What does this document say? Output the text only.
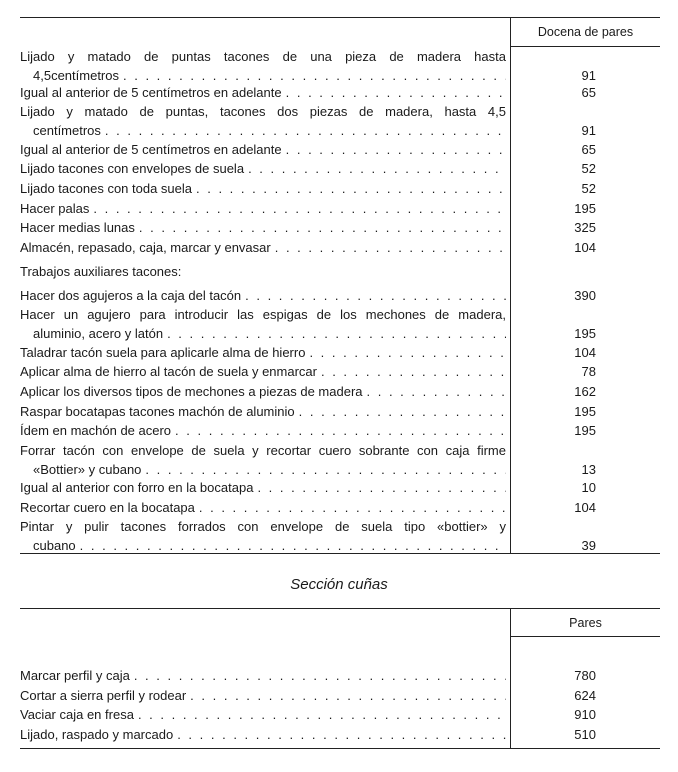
Docena de pares
Lijado y matado de puntas tacones de una pieza de madera hasta
4,5centímetros . . .	91
Igual al anterior de 5 centímetros en adelante . . .	65
Lijado y matado de puntas, tacones dos piezas de madera, hasta 4,5
centímetros . . .	91
Igual al anterior de 5 centímetros en adelante . . .	65
Lijado tacones con envelopes de suela . . .	52
Lijado tacones con toda suela . . .	52
Hacer palas . . .	195
Hacer medias lunas . . .	325
Almacén, repasado, caja, marcar y envasar . . .	104
Trabajos auxiliares tacones:
Hacer dos agujeros a la caja del tacón . . .	390
Hacer un agujero para introducir las espigas de los mechones de madera,
aluminio, acero y latón . . .	195
Taladrar tacón suela para aplicarle alma de hierro . . .	104
Aplicar alma de hierro al tacón de suela y enmarcar . . .	78
Aplicar los diversos tipos de mechones a piezas de madera . . .	162
Raspar bocatapas tacones machón de aluminio . . .	195
Ídem en machón de acero . . .	195
Forrar tacón con envelope de suela y recortar cuero sobrante con caja firme
«Bottier» y cubano . . .	13
Igual al anterior con forro en la bocatapa . . .	10
Recortar cuero en la bocatapa . . .	104
Pintar y pulir tacones forrados con envelope de suela tipo «bottier» y
cubano . . .	39
Sección cuñas
Pares
Marcar perfil y caja . . .	780
Cortar a sierra perfil y rodear . . .	624
Vaciar caja en fresa . . .	910
Lijado, raspado y marcado . . .	510
